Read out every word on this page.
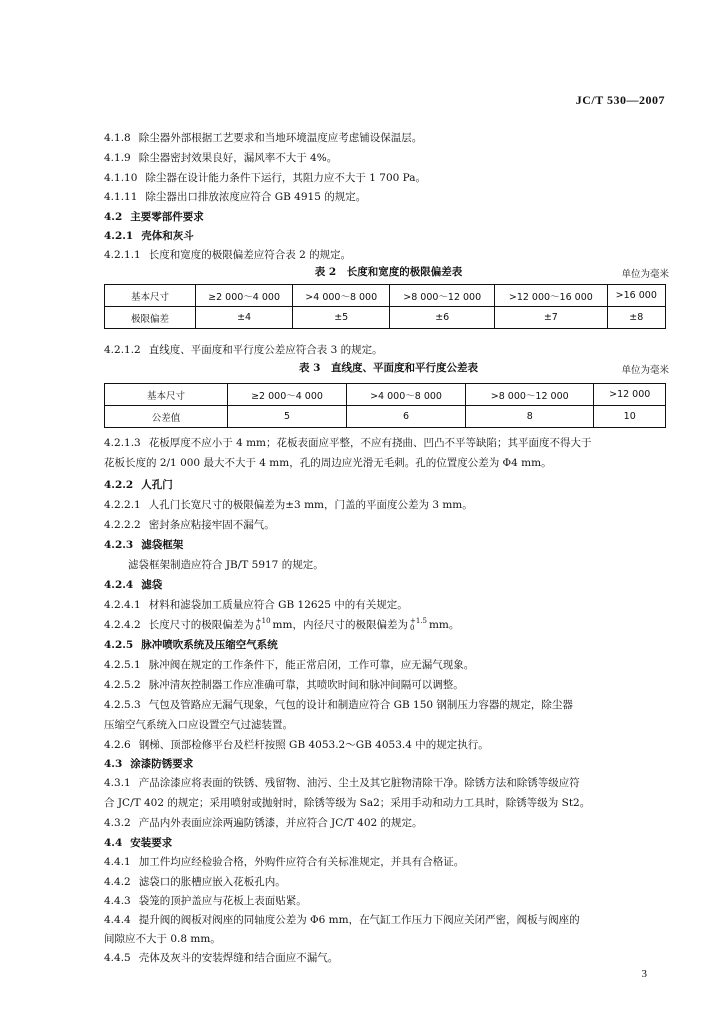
JC/T 530—2007
4.1.8 除尘器外部根据工艺要求和当地环境温度应考虑铺设保温层。
4.1.9 除尘器密封效果良好，漏风率不大于 4%。
4.1.10 除尘器在设计能力条件下运行，其阻力应不大于 1 700 Pa。
4.1.11 除尘器出口排放浓度应符合 GB 4915 的规定。
4.2 主要零部件要求
4.2.1 壳体和灰斗
4.2.1.1 长度和宽度的极限偏差应符合表 2 的规定。
表 2　长度和宽度的极限偏差表	单位为毫米
基本尺寸	≥2 000～4 000	>4 000～8 000	>8 000～12 000	>12 000～16 000	>16 000
极限偏差	±4	±5	±6	±7	±8
4.2.1.2 直线度、平面度和平行度公差应符合表 3 的规定。
表 3　直线度、平面度和平行度公差表	单位为毫米
基本尺寸	≥2 000～4 000	>4 000～8 000	>8 000～12 000	>12 000
公差值	5	6	8	10
4.2.1.3 花板厚度不应小于 4 mm；花板表面应平整，不应有挠曲、凹凸不平等缺陷；其平面度不得大于
花板长度的 2/1 000 最大不大于 4 mm，孔的周边应光滑无毛刺。孔的位置度公差为 Φ4 mm。
4.2.2 人孔门
4.2.2.1 人孔门长宽尺寸的极限偏差为±3 mm，门盖的平面度公差为 3 mm。
4.2.2.2 密封条应粘接牢固不漏气。
4.2.3 滤袋框架
滤袋框架制造应符合 JB/T 5917 的规定。
4.2.4 滤袋
4.2.4.1 材料和滤袋加工质量应符合 GB 12625 中的有关规定。
4.2.4.2 长度尺寸的极限偏差为 +10
0	mm，内径尺寸的极限偏差为 +1.5
0	mm。
4.2.5 脉冲喷吹系统及压缩空气系统
4.2.5.1 脉冲阀在规定的工作条件下，能正常启闭，工作可靠，应无漏气现象。
4.2.5.2 脉冲清灰控制器工作应准确可靠，其喷吹时间和脉冲间隔可以调整。
4.2.5.3 气包及管路应无漏气现象，气包的设计和制造应符合 GB 150 钢制压力容器的规定，除尘器
压缩空气系统入口应设置空气过滤装置。
4.2.6 钢梯、顶部检修平台及栏杆按照 GB 4053.2～GB 4053.4 中的规定执行。
4.3 涂漆防锈要求
4.3.1 产品涂漆应将表面的铁锈、残留物、油污、尘土及其它脏物清除干净。除锈方法和除锈等级应符
合 JC/T 402 的规定；采用喷射或抛射时，除锈等级为 Sa2；采用手动和动力工具时，除锈等级为 St2。
4.3.2 产品内外表面应涂两遍防锈漆，并应符合 JC/T 402 的规定。
4.4 安装要求
4.4.1 加工件均应经检验合格，外购件应符合有关标准规定，并具有合格证。
4.4.2 滤袋口的胀槽应嵌入花板孔内。
4.4.3 袋笼的顶护盖应与花板上表面贴紧。
4.4.4 提升阀的阀板对阀座的同轴度公差为 Φ6 mm，在气缸工作压力下阀应关闭严密，阀板与阀座的
间隙应不大于 0.8 mm。
4.4.5 壳体及灰斗的安装焊缝和结合面应不漏气。
3
